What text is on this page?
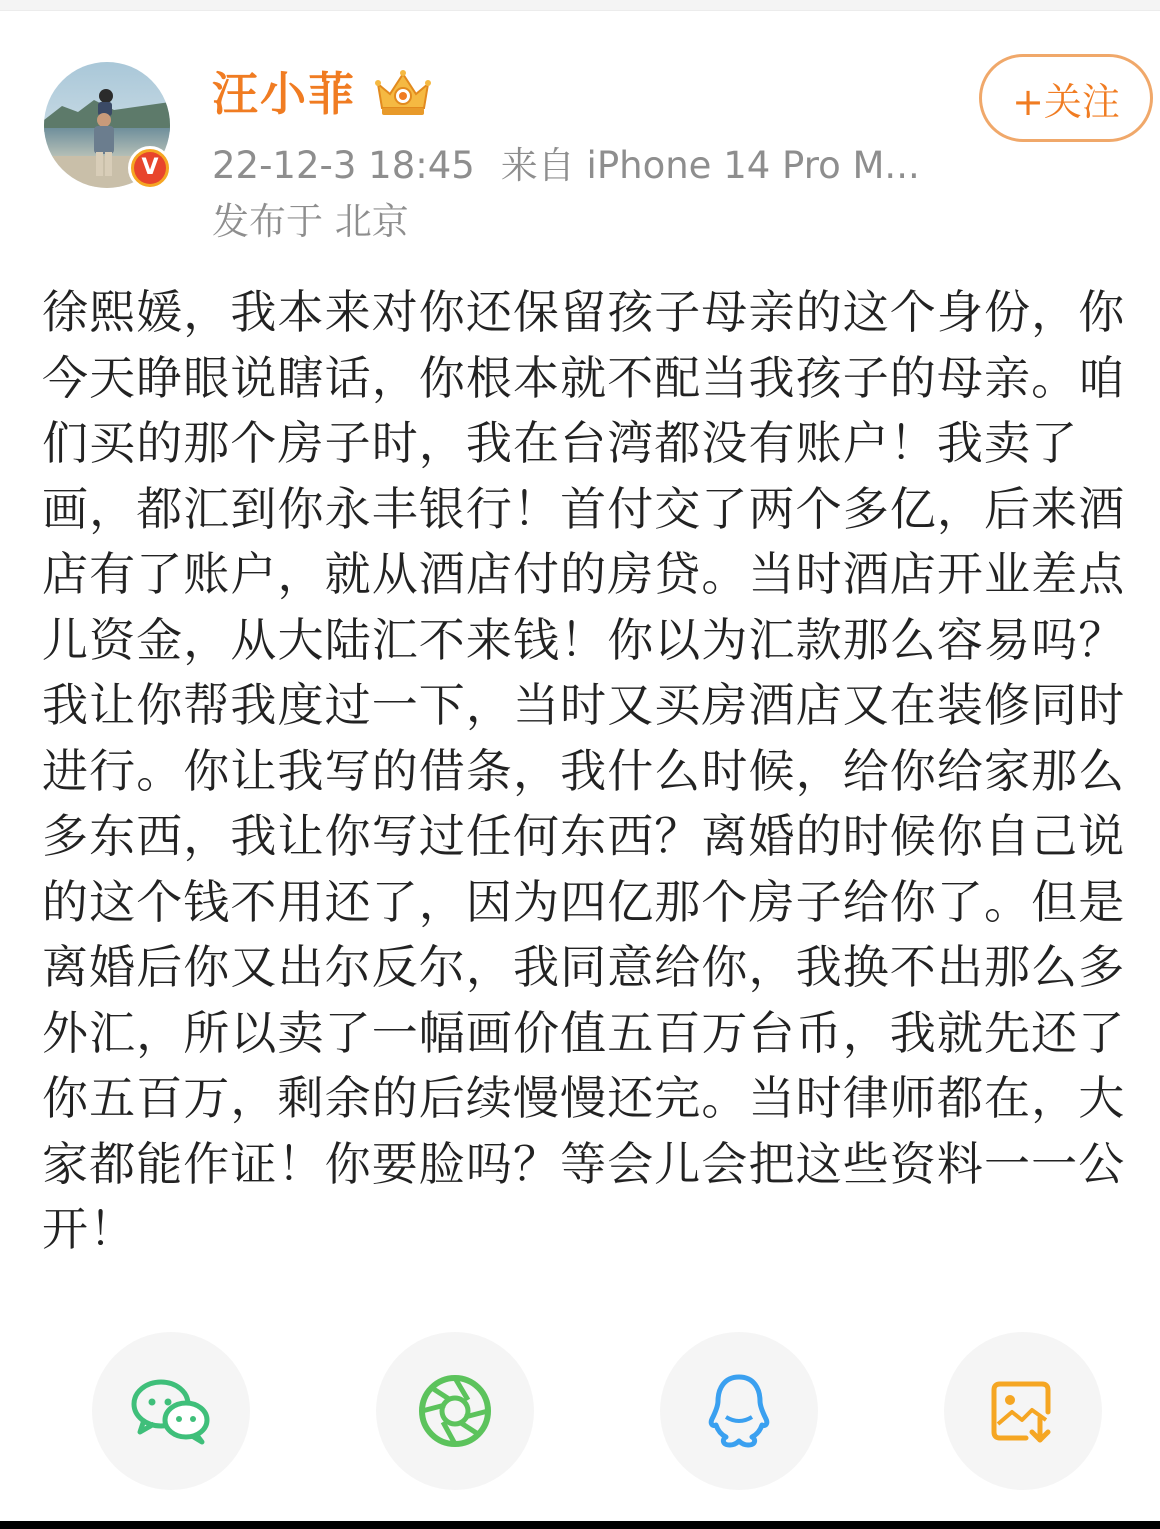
V
汪小菲
22-12-3 18:45 来自 iPhone 14 Pro M...
发布于 北京
+关注

徐熙媛，我本来对你还保留孩子母亲的这个身份，你今天睁眼说瞎话，你根本就不配当我孩子的母亲。咱们买的那个房子时，我在台湾都没有账户！我卖了画，都汇到你永丰银行！首付交了两个多亿，后来酒店有了账户，就从酒店付的房贷。当时酒店开业差点儿资金，从大陆汇不来钱！你以为汇款那么容易吗？我让你帮我度过一下，当时又买房酒店又在装修同时进行。你让我写的借条，我什么时候，给你给家那么多东西，我让你写过任何东西？离婚的时候你自己说的这个钱不用还了，因为四亿那个房子给你了。但是离婚后你又出尔反尔，我同意给你，我换不出那么多外汇，所以卖了一幅画价值五百万台币，我就先还了你五百万，剩余的后续慢慢还完。当时律师都在，大家都能作证！你要脸吗？等会儿会把这些资料一一公开！
